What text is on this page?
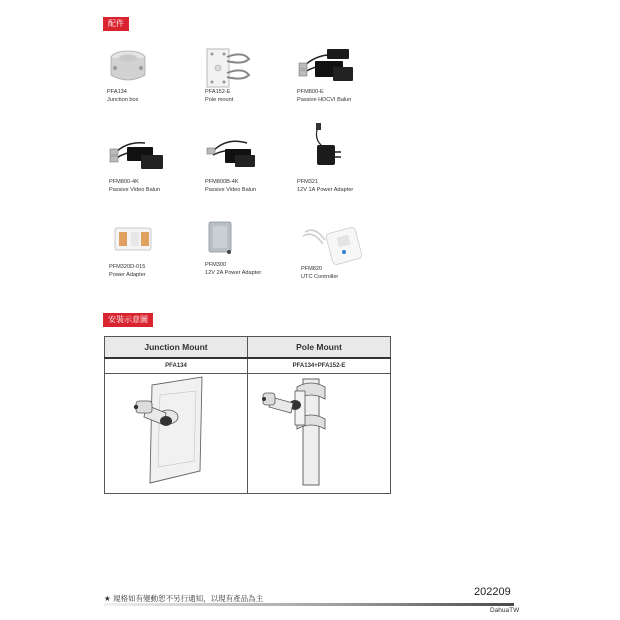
配件
PFA134
Junction box
PFA152-E
Pole mount
PFM800-E
Passive HDCVI Balun
PFM800-4K
Passive Video Balun
PFM800B-4K
Passive Video Balun
PFM321
12V 1A Power Adapter
PFM320D-015
Power Adapter
PFM300
12V 2A Power Adapter
PFM820
UTC Controller
安裝示意圖
Junction Mount	Pole Mount
PFA134	PFA134+PFA152-E

★ 規格如有變動恕不另行通知，以現有產品為主
202209
DahuaTW
